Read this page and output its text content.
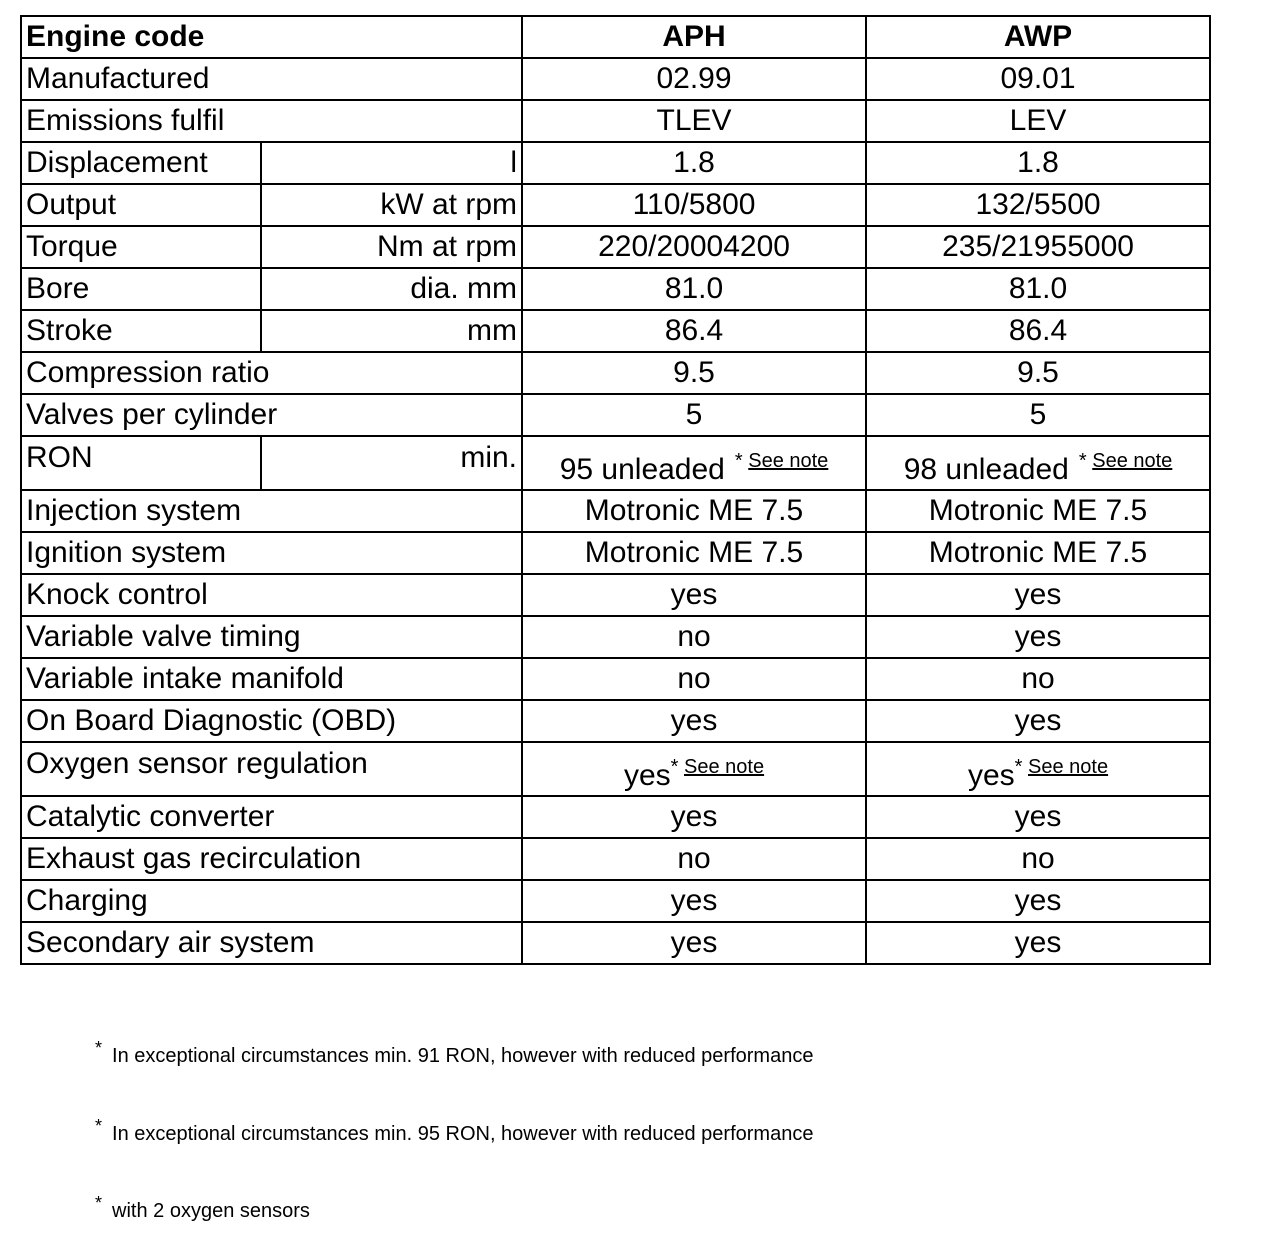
Engine code		APH	AWP
Manufactured		02.99	09.01
Emissions fulfil		TLEV	LEV
Displacement	l	1.8	1.8
Output	kW at rpm	110/5800	132/5500
Torque	Nm at rpm	220/20004200	235/21955000
Bore	dia. mm	81.0	81.0
Stroke	mm	86.4	86.4
Compression ratio		9.5	9.5
Valves per cylinder		5	5
RON	min.	95 unleaded $^{* See note}$	98 unleaded $^{* See note}$
Injection system		Motronic ME 7.5	Motronic ME 7.5
Ignition system		Motronic ME 7.5	Motronic ME 7.5
Knock control		yes	yes
Variable valve timing		no	yes
Variable intake manifold		no	no
On Board Diagnostic (OBD)		yes	yes
Oxygen sensor regulation		yes$^{* See note}$	yes$^{* See note}$
Catalytic converter		yes	yes
Exhaust gas recirculation		no	no
Charging		yes	yes
Secondary air system		yes	yes
* In exceptional circumstances min. 91 RON, however with reduced performance
* In exceptional circumstances min. 95 RON, however with reduced performance
* with 2 oxygen sensors
